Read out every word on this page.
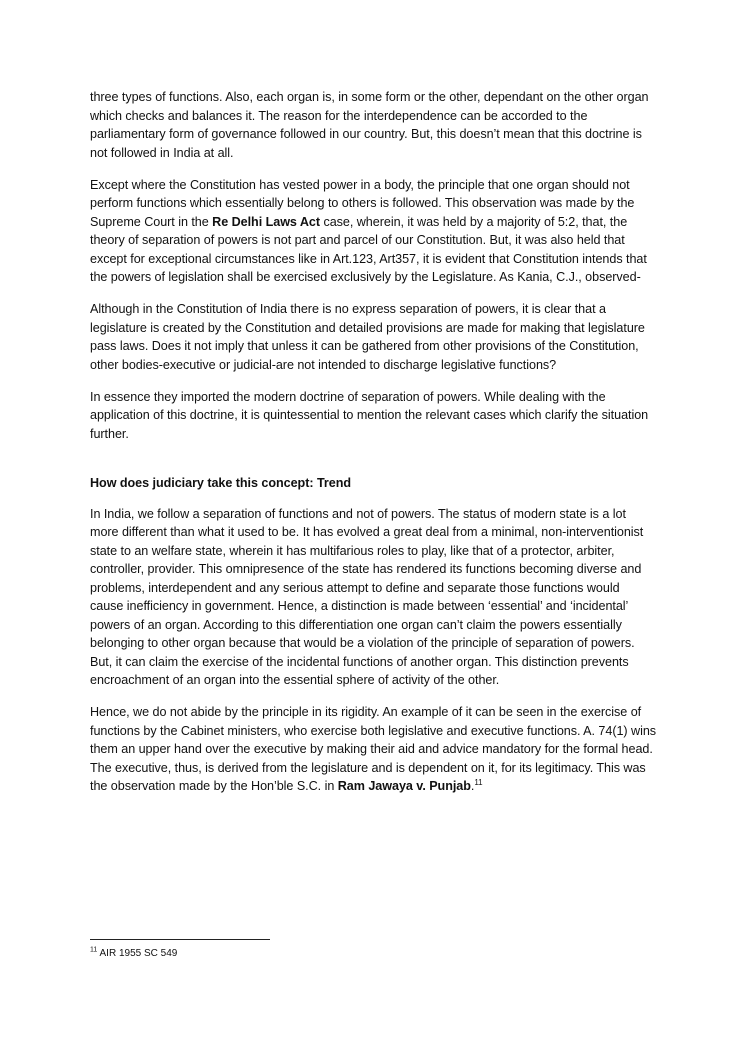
three types of functions. Also, each organ is, in some form or the other, dependant on the other organ which checks and balances it. The reason for the interdependence can be accorded to the parliamentary form of governance followed in our country. But, this doesn’t mean that this doctrine is not followed in India at all.

Except where the Constitution has vested power in a body, the principle that one organ should not perform functions which essentially belong to others is followed. This observation was made by the Supreme Court in the Re Delhi Laws Act case, wherein, it was held by a majority of 5:2, that, the theory of separation of powers is not part and parcel of our Constitution. But, it was also held that except for exceptional circumstances like in Art.123, Art357, it is evident that Constitution intends that the powers of legislation shall be exercised exclusively by the Legislature. As Kania, C.J., observed-

Although in the Constitution of India there is no express separation of powers, it is clear that a legislature is created by the Constitution and detailed provisions are made for making that legislature pass laws. Does it not imply that unless it can be gathered from other provisions of the Constitution, other bodies-executive or judicial-are not intended to discharge legislative functions?

In essence they imported the modern doctrine of separation of powers. While dealing with the application of this doctrine, it is quintessential to mention the relevant cases which clarify the situation further.

How does judiciary take this concept: Trend

In India, we follow a separation of functions and not of powers. The status of modern state is a lot more different than what it used to be. It has evolved a great deal from a minimal, non-interventionist state to an welfare state, wherein it has multifarious roles to play, like that of a protector, arbiter, controller, provider. This omnipresence of the state has rendered its functions becoming diverse and problems, interdependent and any serious attempt to define and separate those functions would cause inefficiency in government. Hence, a distinction is made between ‘essential’ and ‘incidental’ powers of an organ. According to this differentiation one organ can’t claim the powers essentially belonging to other organ because that would be a violation of the principle of separation of powers. But, it can claim the exercise of the incidental functions of another organ. This distinction prevents encroachment of an organ into the essential sphere of activity of the other.

Hence, we do not abide by the principle in its rigidity. An example of it can be seen in the exercise of functions by the Cabinet ministers, who exercise both legislative and executive functions. A. 74(1) wins them an upper hand over the executive by making their aid and advice mandatory for the formal head. The executive, thus, is derived from the legislature and is dependent on it, for its legitimacy. This was the observation made by the Hon’ble S.C. in Ram Jawaya v. Punjab.$^{11}$

$^{11}$ AIR 1955 SC 549
